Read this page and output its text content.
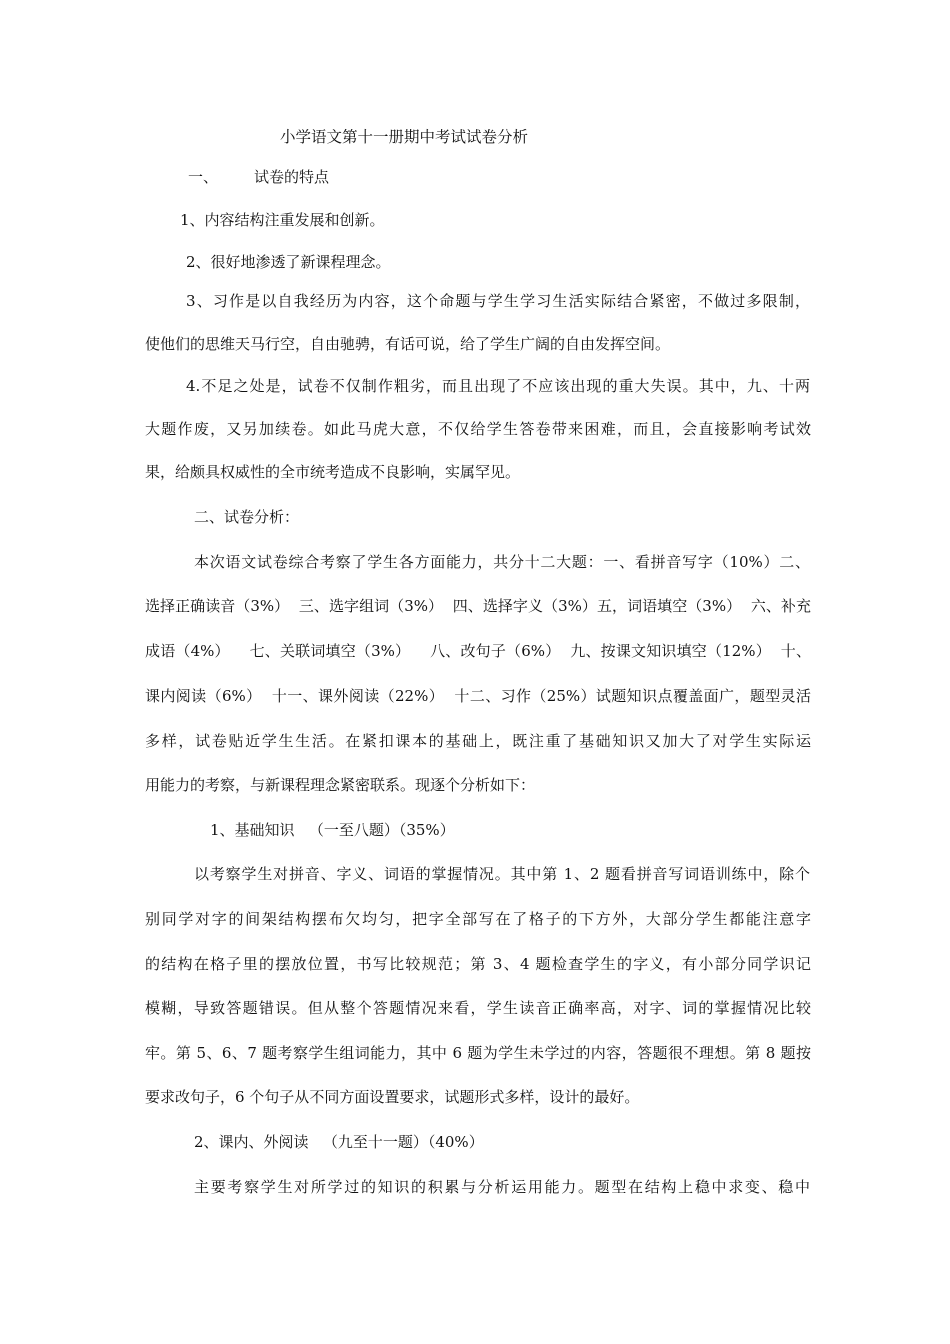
小学语文第十一册期中考试试卷分析
一、 试卷的特点
1、内容结构注重发展和创新。
2、很好地渗透了新课程理念。
3、习作是以自我经历为内容，这个命题与学生学习生活实际结合紧密，不做过多限制，
使他们的思维天马行空，自由驰骋，有话可说，给了学生广阔的自由发挥空间。
4.不足之处是，试卷不仅制作粗劣，而且出现了不应该出现的重大失误。其中，九、十两
大题作废，又另加续卷。如此马虎大意，不仅给学生答卷带来困难，而且，会直接影响考试效
果，给颇具权威性的全市统考造成不良影响，实属罕见。
二、试卷分析：
本次语文试卷综合考察了学生各方面能力，共分十二大题：一、看拼音写字（10%）二、
选择正确读音（3%）  三、选字组词（3%）  四、选择字义（3%）五，词语填空（3%）  六、补充
成语（4%）    七、关联词填空（3%）    八、改句子（6%）  九、按课文知识填空（12%）  十、
课内阅读（6%）  十一、课外阅读（22%）  十二、习作（25%）试题知识点覆盖面广，题型灵活
多样，试卷贴近学生生活。在紧扣课本的基础上，既注重了基础知识又加大了对学生实际运
用能力的考察，与新课程理念紧密联系。现逐个分析如下：
1、基础知识   （一至八题）（35%）
以考察学生对拼音、字义、词语的掌握情况。其中第 1、2 题看拼音写词语训练中，除个
别同学对字的间架结构摆布欠均匀，把字全部写在了格子的下方外，大部分学生都能注意字
的结构在格子里的摆放位置，书写比较规范；第 3、4 题检查学生的字义，有小部分同学识记
模糊，导致答题错误。但从整个答题情况来看，学生读音正确率高，对字、词的掌握情况比较
牢。第 5、6、7 题考察学生组词能力，其中 6 题为学生未学过的内容，答题很不理想。第 8 题按
要求改句子，6 个句子从不同方面设置要求，试题形式多样，设计的最好。
2、课内、外阅读   （九至十一题）（40%）
主要考察学生对所学过的知识的积累与分析运用能力。题型在结构上稳中求变、稳中
